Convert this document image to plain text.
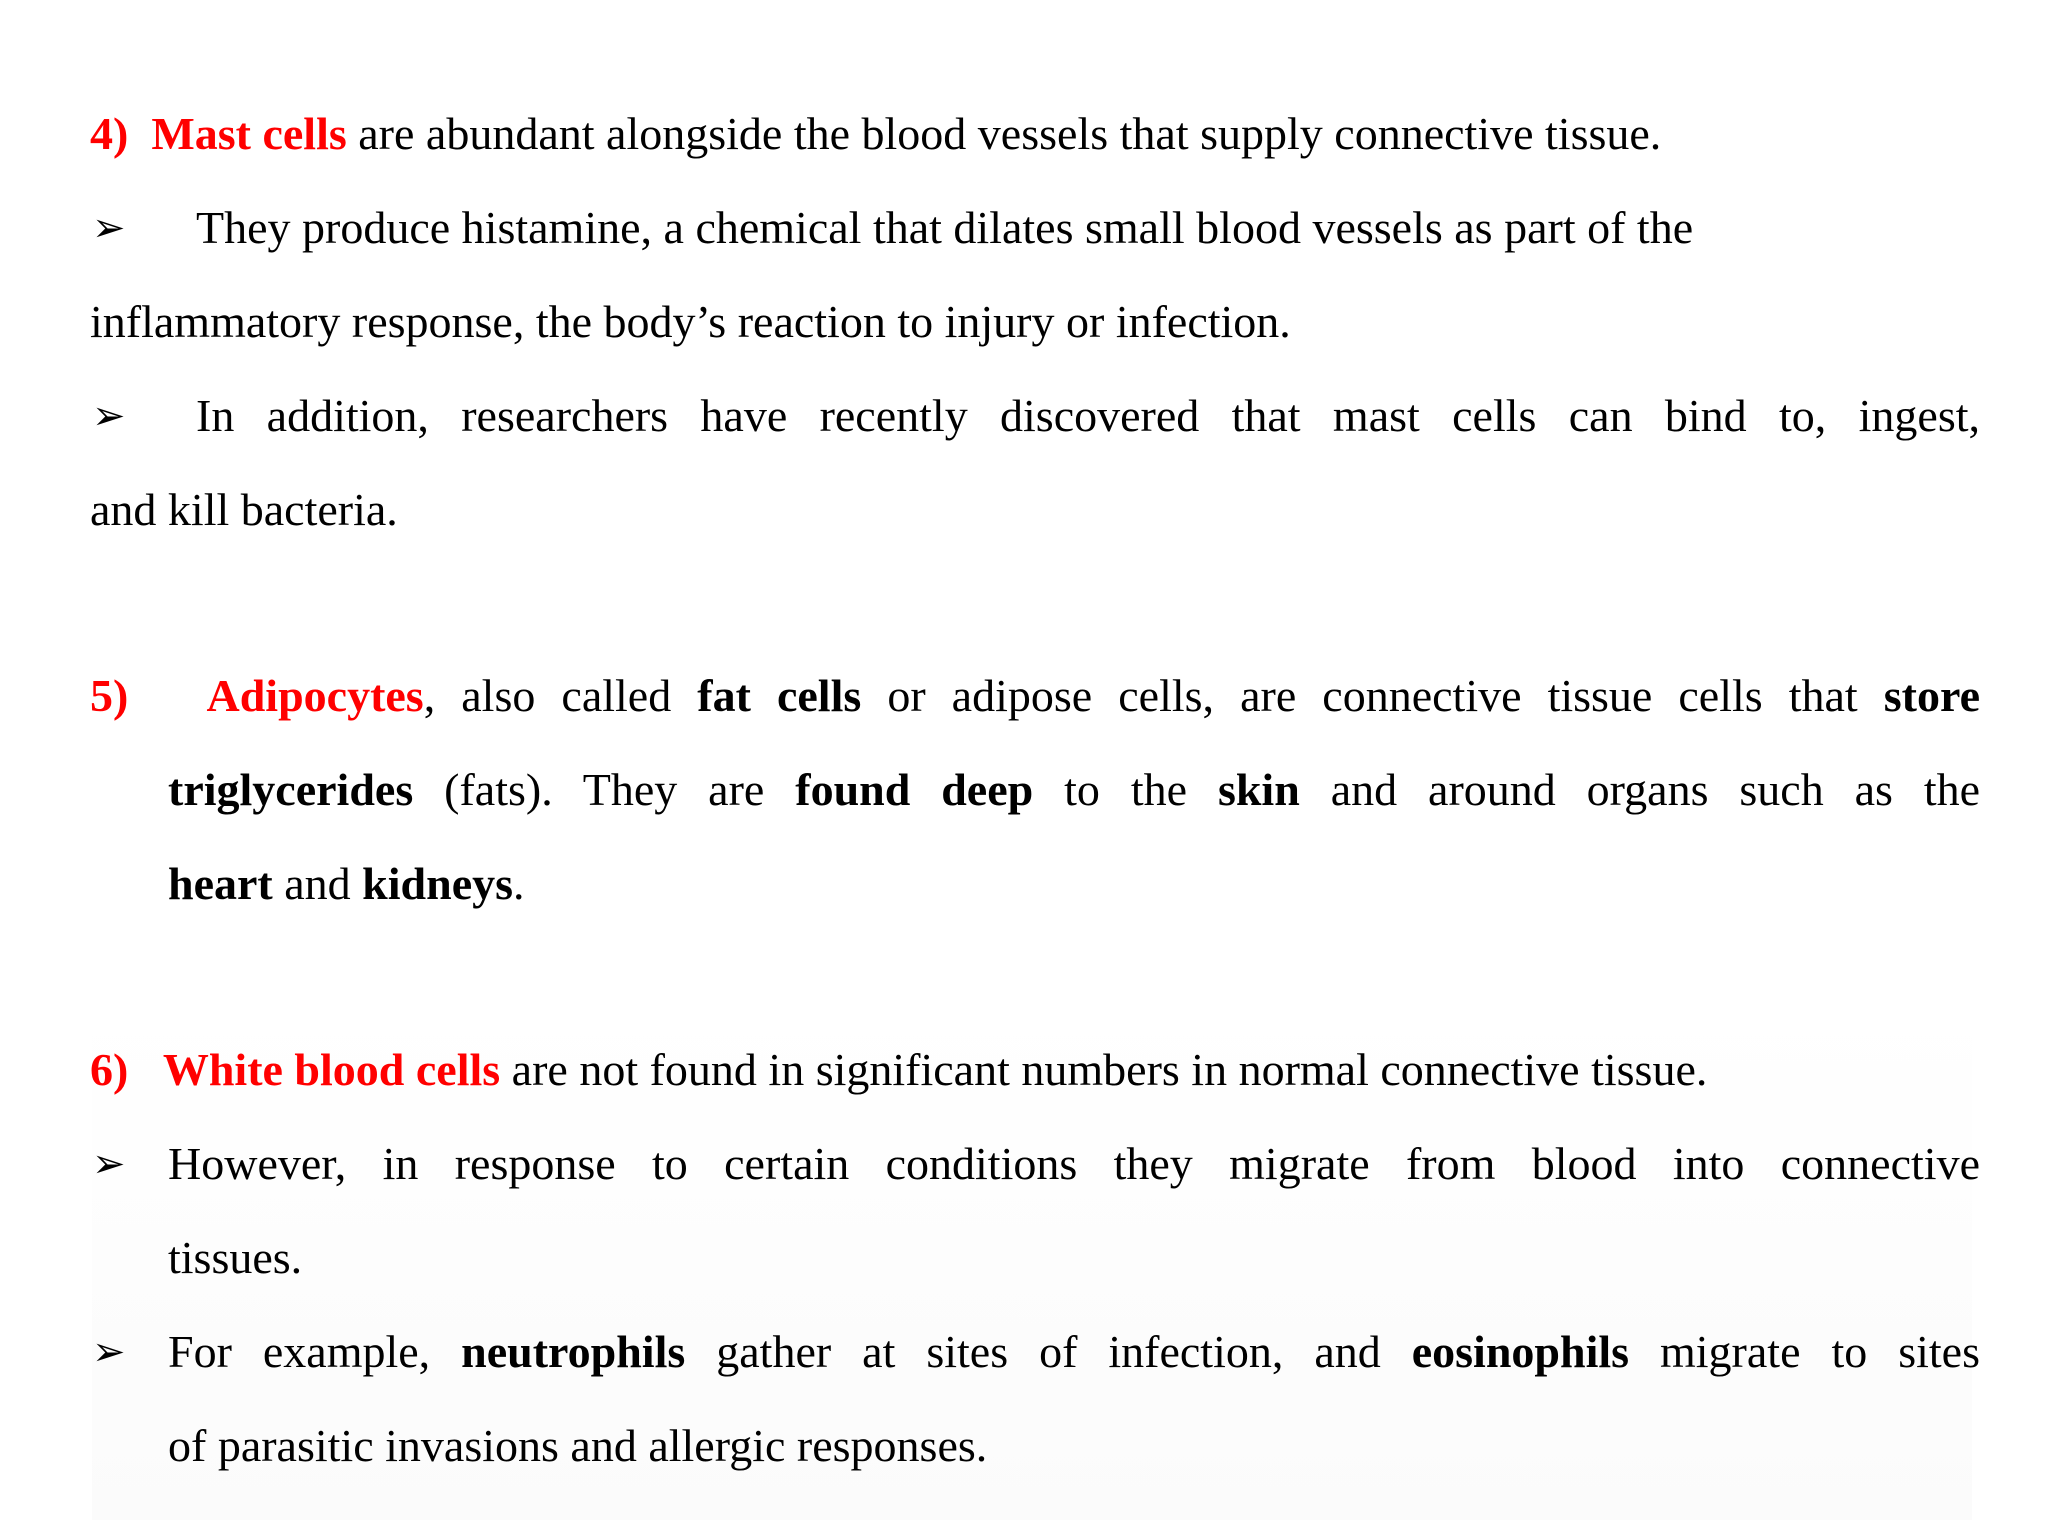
4) Mast cells are abundant alongside the blood vessels that supply connective tissue.
➢ They produce histamine, a chemical that dilates small blood vessels as part of the
inflammatory response, the body’s reaction to injury or infection.
➢ In addition, researchers have recently discovered that mast cells can bind to, ingest,
and kill bacteria.
5) Adipocytes, also called fat cells or adipose cells, are connective tissue cells that store
triglycerides (fats). They are found deep to the skin and around organs such as the
heart and kidneys.
6) White blood cells are not found in significant numbers in normal connective tissue.
➢ However, in response to certain conditions they migrate from blood into connective
tissues.
➢ For example, neutrophils gather at sites of infection, and eosinophils migrate to sites
of parasitic invasions and allergic responses.
